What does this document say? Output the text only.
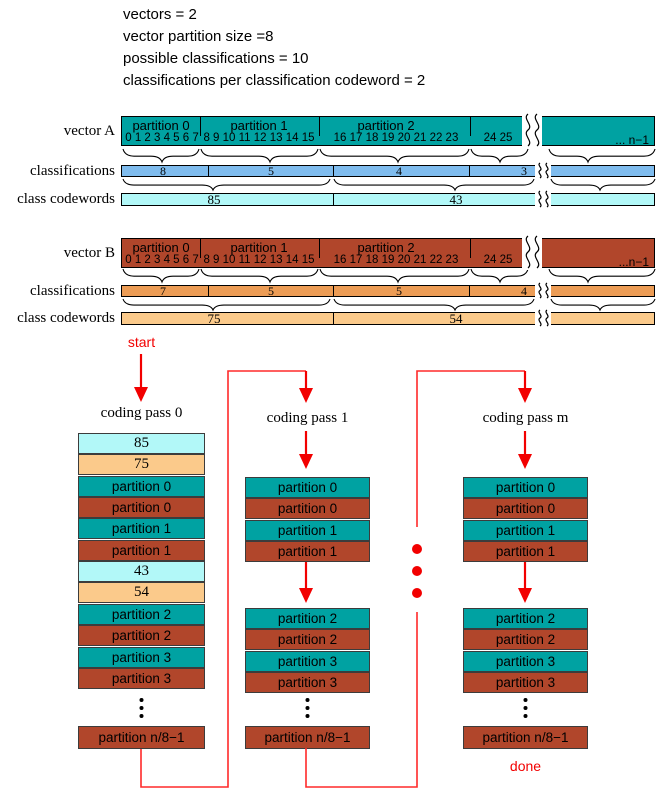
vectors = 2
vector partition size =8
possible classifications = 10
classifications per classification codeword = 2
vector A
classifications
class codewords
vector B
classifications
class codewords
start
done
coding pass 0	coding pass 1	coding pass m
partition 0	partition 1	partition 2
0 1 2 3 4 5 6 7 8 9 10 11 12 13 14 15 16 17 18 19 20 21 22 23 24 25	... n−1
8	5	4	3
85	43
partition 0	partition 1	partition 2
0 1 2 3 4 5 6 7 8 9 10 11 12 13 14 15 16 17 18 19 20 21 22 23 24 25	...n−1
7	5	5	4
75	54
85
75
partition 0
partition 0
partition 1
partition 1
43
54
partition 2
partition 2
partition 3
partition 3
partition n/8−1
partition 0
partition 0
partition 1
partition 1
partition 2
partition 2
partition 3
partition 3
partition n/8−1
partition 0
partition 0
partition 1
partition 1
partition 2
partition 2
partition 3
partition 3
partition n/8−1
